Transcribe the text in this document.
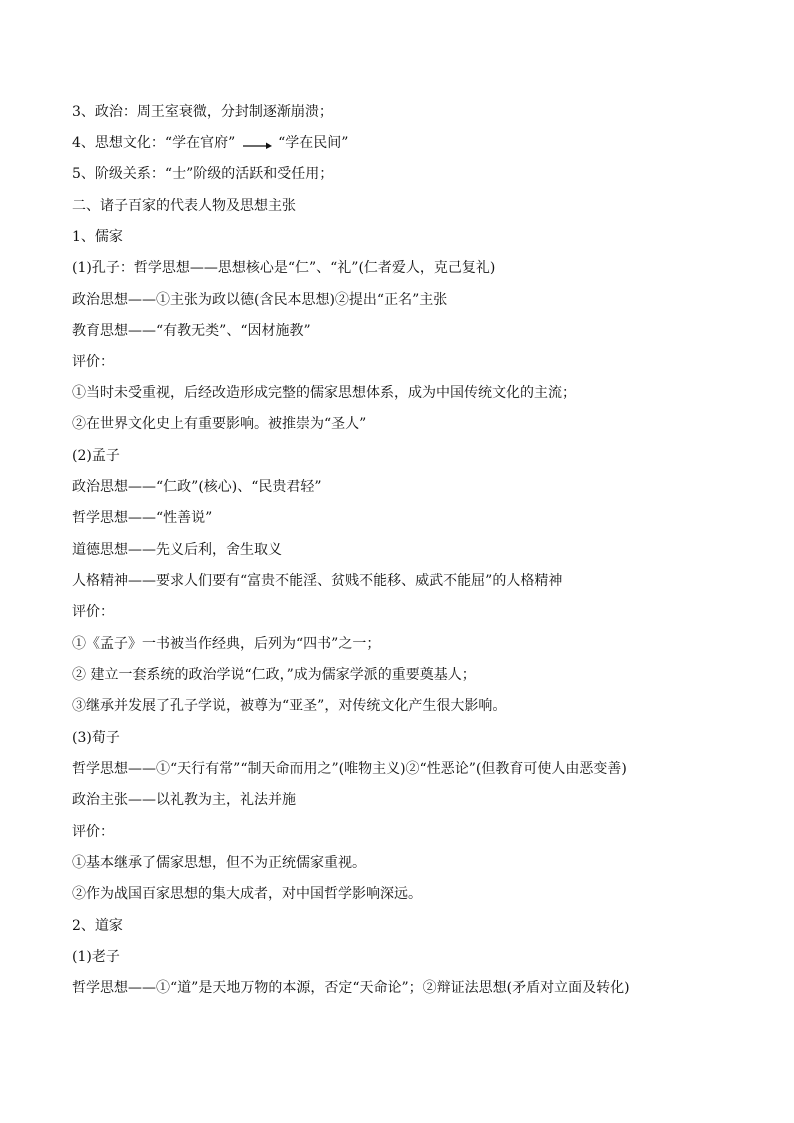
3、政治：周王室衰微，分封制逐渐崩溃；
4、思想文化：“学在官府”	“学在民间”
5、阶级关系：“士”阶级的活跃和受任用；
二、诸子百家的代表人物及思想主张
1、儒家
(1)孔子：哲学思想——思想核心是“仁”、“礼”(仁者爱人，克己复礼)
政治思想——①主张为政以德(含民本思想)②提出“正名”主张
教育思想——“有教无类”、“因材施教”
评价：
①当时未受重视，后经改造形成完整的儒家思想体系，成为中国传统文化的主流；
②在世界文化史上有重要影响。被推崇为“圣人”
(2)孟子
政治思想——“仁政”(核心)、“民贵君轻”
哲学思想——“性善说”
道德思想——先义后利，舍生取义
人格精神——要求人们要有“富贵不能淫、贫贱不能移、威武不能屈”的人格精神
评价：
①《孟子》一书被当作经典，后列为“四书”之一；
② 建立一套系统的政治学说“仁政，”成为儒家学派的重要奠基人；
③继承并发展了孔子学说，被尊为“亚圣”，对传统文化产生很大影响。
(3)荀子
哲学思想——①“天行有常”“制天命而用之”(唯物主义)②“性恶论”(但教育可使人由恶变善)
政治主张——以礼教为主，礼法并施
评价：
①基本继承了儒家思想，但不为正统儒家重视。
②作为战国百家思想的集大成者，对中国哲学影响深远。
2、道家
(1)老子
哲学思想——①“道”是天地万物的本源，否定“天命论”；②辩证法思想(矛盾对立面及转化)
